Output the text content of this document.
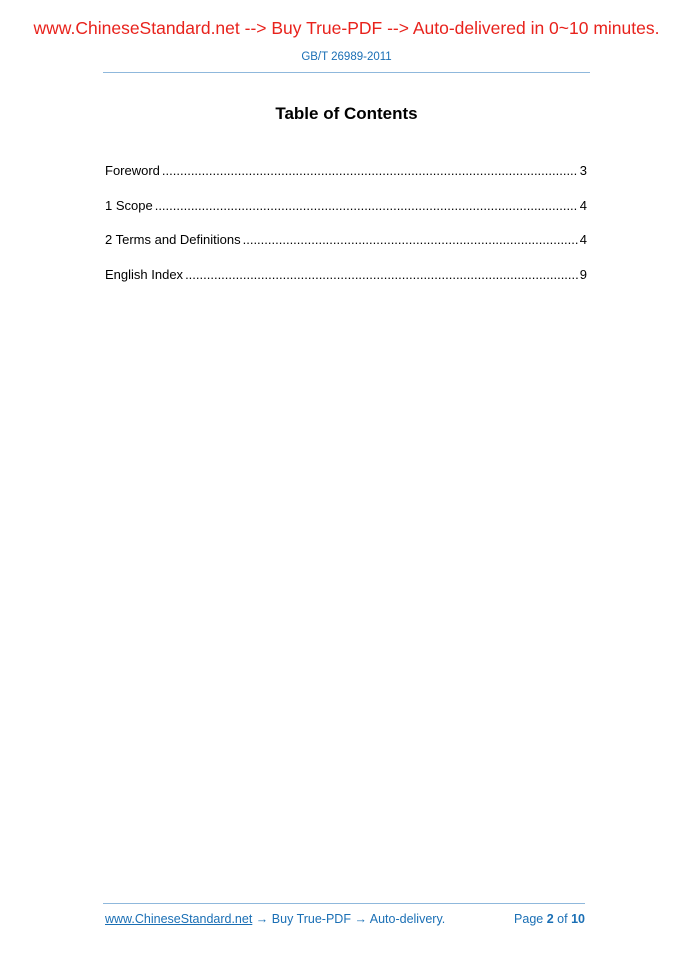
www.ChineseStandard.net --> Buy True-PDF --> Auto-delivered in 0~10 minutes.
GB/T 26989-2011
Table of Contents
Foreword .....	3
1 Scope .....	4
2 Terms and Definitions .....	4
English Index .....	9
www.ChineseStandard.net → Buy True-PDF → Auto-delivery.	Page 2 of 10
